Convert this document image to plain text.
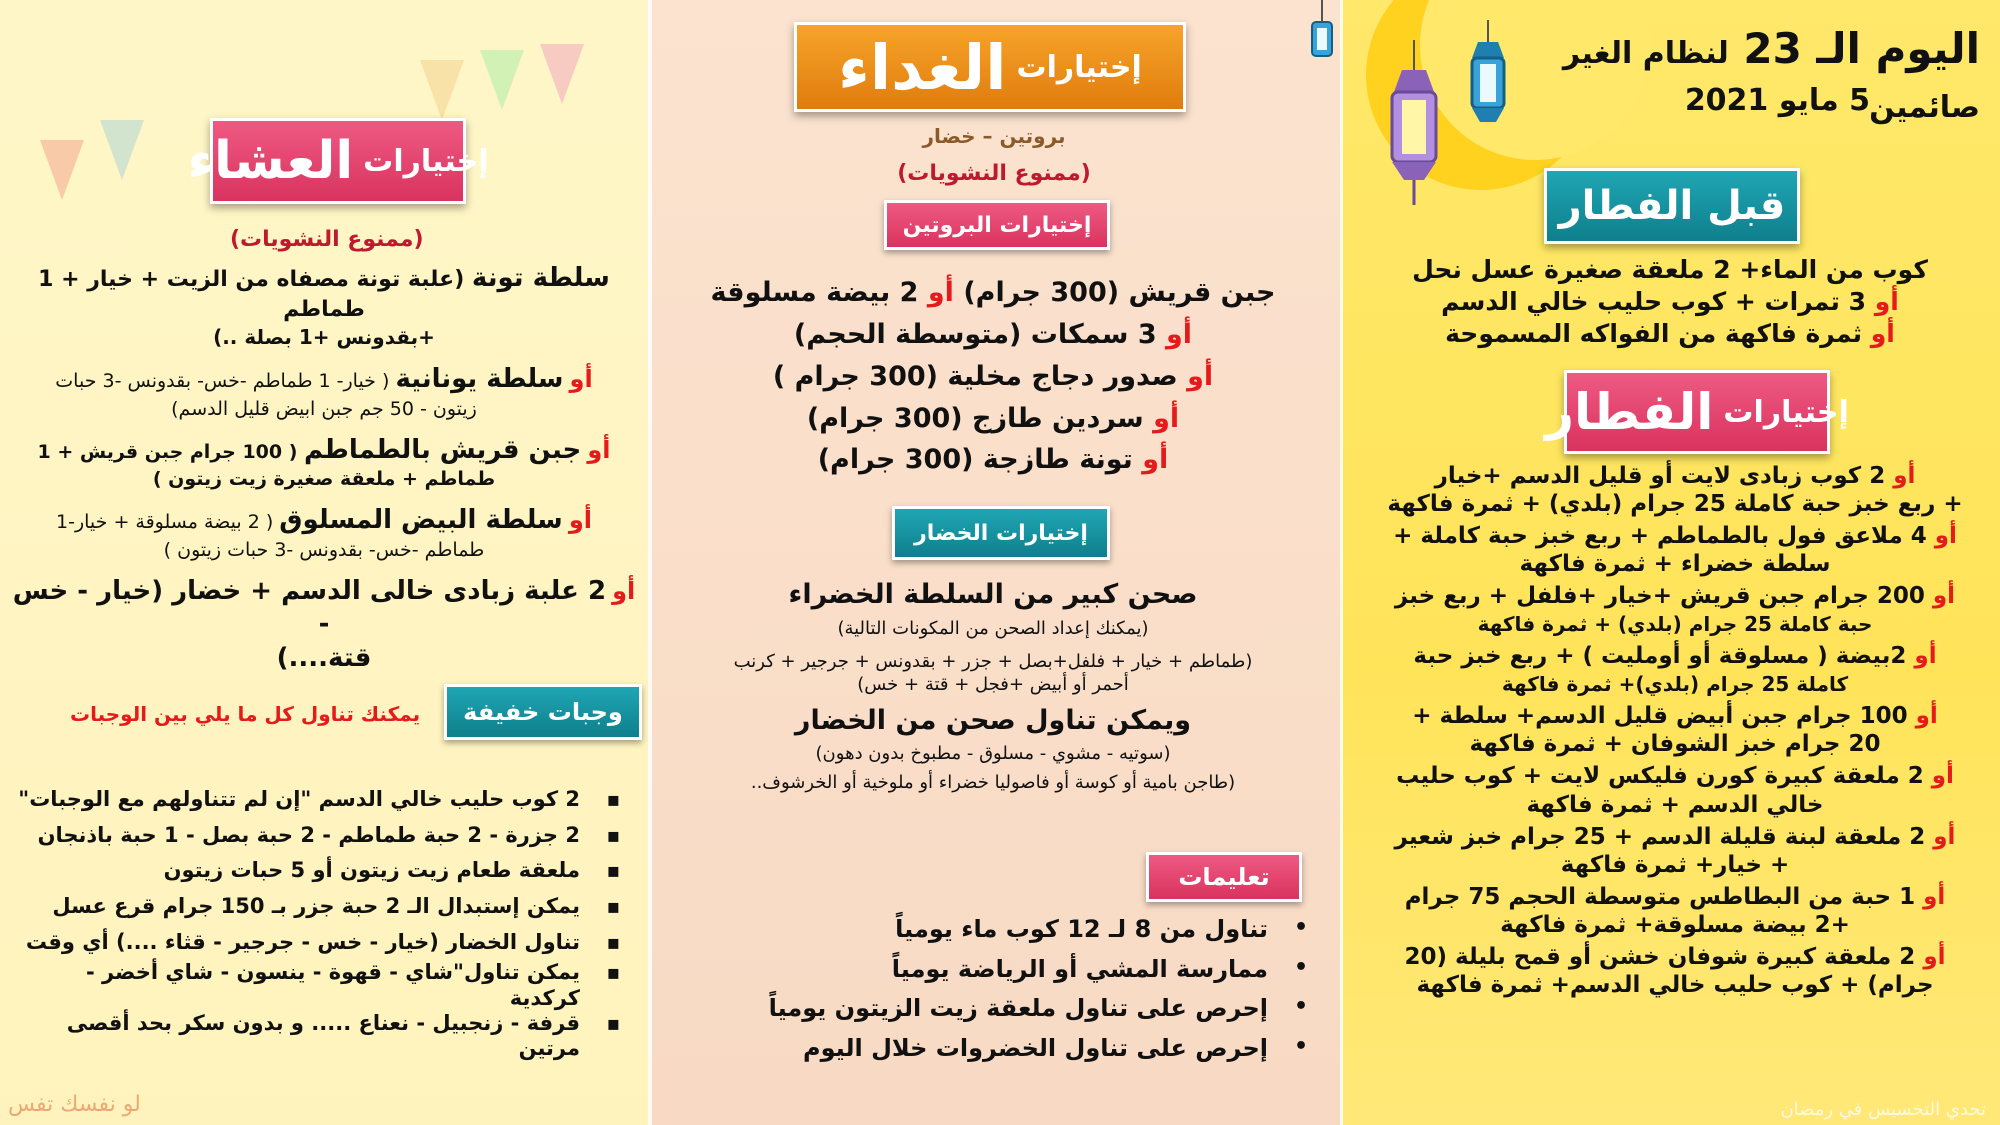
اليوم الـ 23 لنظام الغير صائمين
5 مايو 2021
قبل الفطار
كوب من الماء+ 2 ملعقة صغيرة عسل نحل
أو 3 تمرات + كوب حليب خالي الدسم
أو ثمرة فاكهة من الفواكه المسموحة
إختيارات
الفطار
أو 2 كوب زبادى لايت أو قليل الدسم +خيار
+ ربع خبز حبة كاملة 25 جرام (بلدي) + ثمرة فاكهة
أو 4 ملاعق فول بالطماطم + ربع خبز حبة كاملة +
سلطة خضراء + ثمرة فاكهة
أو 200 جرام جبن قريش +خيار +فلفل + ربع خبز
حبة كاملة 25 جرام (بلدي) + ثمرة فاكهة
أو 2بيضة ( مسلوقة أو أومليت ) + ربع خبز حبة
كاملة 25 جرام (بلدي)+ ثمرة فاكهة
أو 100 جرام جبن أبيض قليل الدسم+ سلطة +
20 جرام خبز الشوفان + ثمرة فاكهة
أو 2 ملعقة كبيرة كورن فليكس لايت + كوب حليب
خالي الدسم + ثمرة فاكهة
أو 2 ملعقة لبنة قليلة الدسم + 25 جرام خبز شعير
+ خيار+ ثمرة فاكهة
أو 1 حبة من البطاطس متوسطة الحجم 75 جرام
+2 بيضة مسلوقة+ ثمرة فاكهة
أو 2 ملعقة كبيرة شوفان خشن أو قمح بليلة (20
جرام) + كوب حليب خالي الدسم+ ثمرة فاكهة
تحدي التخسيس في رمضان
إختيارات
الغداء
بروتين – خضار
(ممنوع النشويات)
إختيارات البروتين
جبن قريش (300 جرام) أو 2 بيضة مسلوقة
أو 3 سمكات (متوسطة الحجم)
أو صدور دجاج مخلية (300 جرام )
أو سردين طازج (300 جرام)
أو تونة طازجة (300 جرام)
إختيارات الخضار
صحن كبير من السلطة الخضراء
(يمكنك إعداد الصحن من المكونات التالية)
(طماطم + خيار + فلفل+بصل + جزر + بقدونس + جرجير + كرنب
أحمر أو أبيض +فجل + قتة + خس)
ويمكن تناول صحن من الخضار
(سوتيه - مشوي - مسلوق - مطبوخ بدون دهون)
(طاجن بامية أو كوسة أو فاصوليا خضراء أو ملوخية أو الخرشوف..
تعليمات
• تناول من 8 لـ 12 كوب ماء يومياً
• ممارسة المشي أو الرياضة يومياً
• إحرص على تناول ملعقة زيت الزيتون يومياً
• إحرص على تناول الخضروات خلال اليوم
إختيارات
العشاء
(ممنوع النشويات)
سلطة تونة (علبة تونة مصفاه من الزيت + خيار + 1 طماطم
+بقدونس +1 بصلة ..)
أو سلطة يونانية ( خيار- 1 طماطم -خس- بقدونس -3 حبات
زيتون - 50 جم جبن ابيض قليل الدسم)
أو جبن قريش بالطماطم ( 100 جرام جبن قريش + 1
طماطم + ملعقة صغيرة زيت زيتون )
أو سلطة البيض المسلوق ( 2 بيضة مسلوقة + خيار-1
طماطم -خس- بقدونس -3 حبات زيتون )
أو 2 علبة زبادى خالى الدسم + خضار (خيار - خس -
قتة....)
وجبات خفيفة
يمكنك تناول كل ما يلي بين الوجبات
▪ 2 كوب حليب خالي الدسم "إن لم تتناولهم مع الوجبات"
▪ 2 جزرة - 2 حبة طماطم - 2 حبة بصل - 1 حبة باذنجان
▪ ملعقة طعام زيت زيتون أو 5 حبات زيتون
▪ يمكن إستبدال الـ 2 حبة جزر بـ 150 جرام قرع عسل
▪ تناول الخضار (خيار - خس - جرجير - قثاء ....) أي وقت
▪ يمكن تناول"شاي - قهوة - ينسون - شاي أخضر - كركدية
▪ قرفة - زنجبيل - نعناع ..... و بدون سكر بحد أقصى مرتين
لو نفسك تفس
